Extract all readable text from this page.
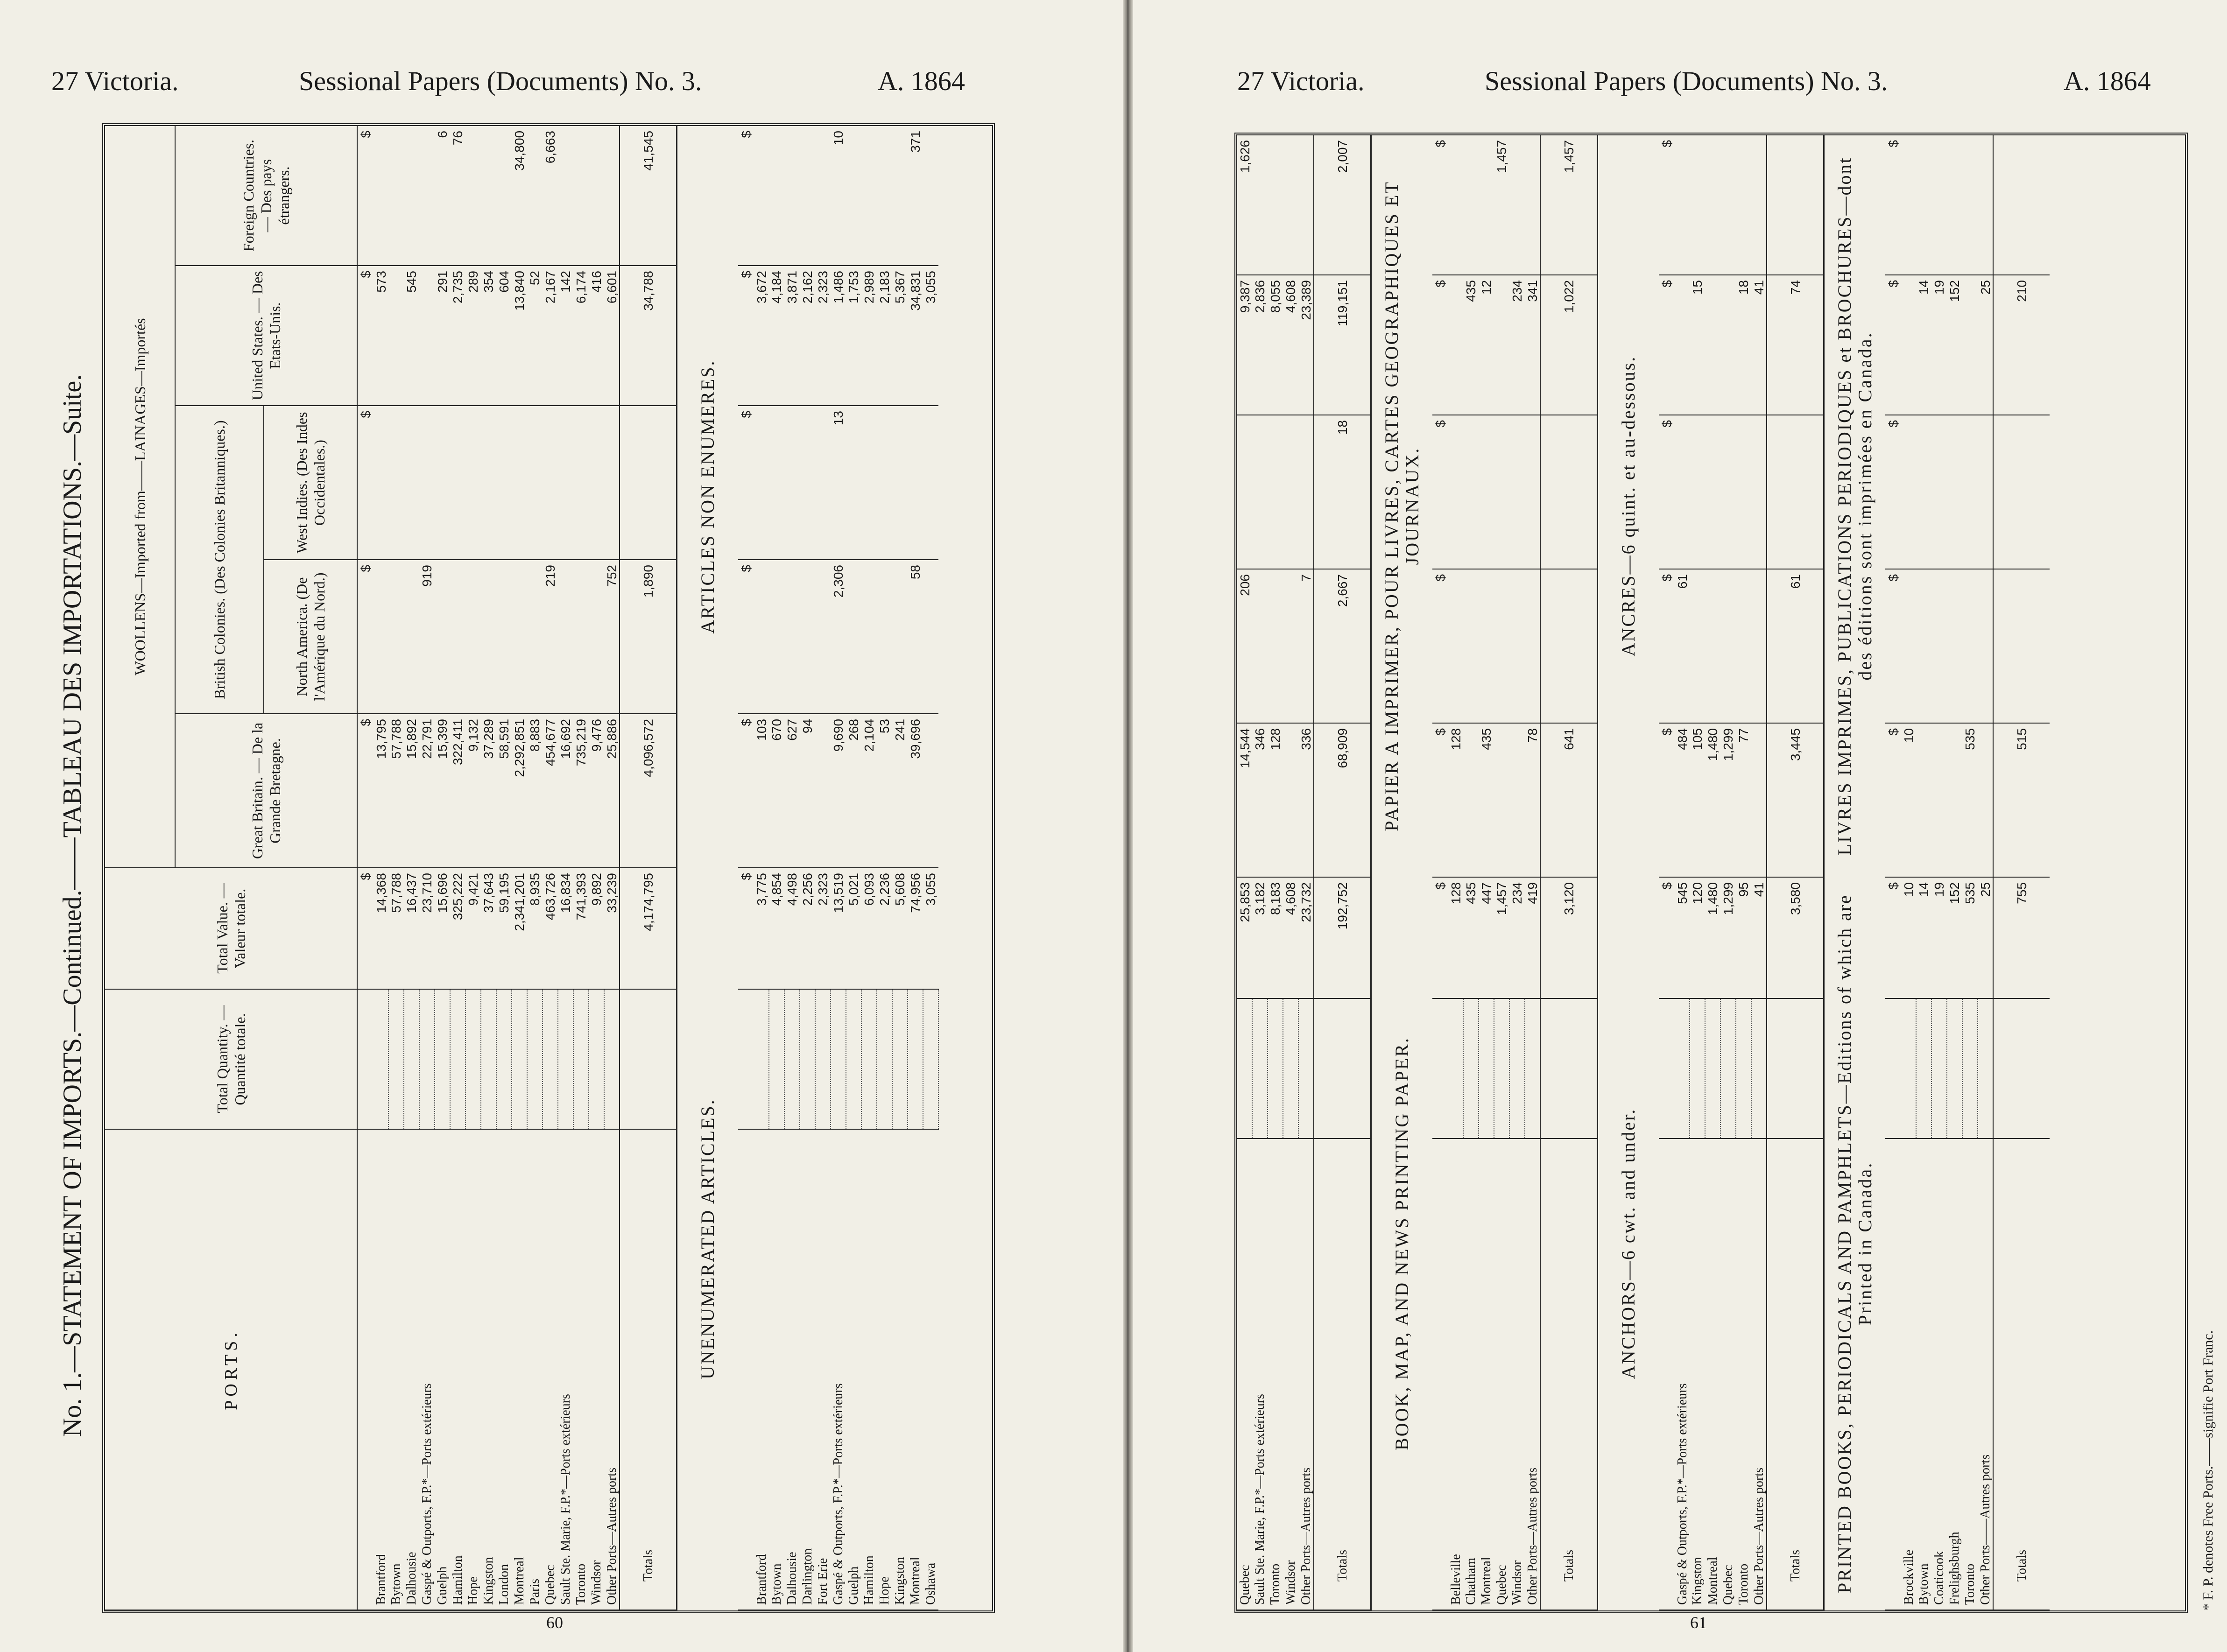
27 Victoria.	Sessional Papers (Documents) No. 3.	A. 1864
No. 1.—STATEMENT OF IMPORTS.—Continued.——TABLEAU DES IMPORTATIONS.—Suite.	PORTS.	Total Quantity. — Quantité totale.	Total Value. — Valeur totale.	WOOLLENS—Imported from——LAINAGES—Importés				
			Great Britain. — De la Grande Bretagne.	British Colonies. (Des Colonies Britanniques.)		United States. — Des Etats-Unis.	Foreign Countries. — Des pays étrangers.
				North America. (De l'Amérique du Nord.)	West Indies. (Des Indes Occidentales.)		
		$	$	$	$	$	$
Brantford		14,368	13,795			573	
Bytown		57,788	57,788				
Dalhousie		16,437	15,892			545	
Gaspé & Outports, F.P.*—Ports extérieurs		23,710	22,791	919			
Guelph		15,696	15,399			291	6
Hamilton		325,222	322,411			2,735	76
Hope		9,421	9,132			289	
Kingston		37,643	37,289			354	
London		59,195	58,591			604	
Montreal		2,341,201	2,292,851			13,840	34,800
Paris		8,935	8,883			52	
Quebec		463,726	454,677	219		2,167	6,663
Sault Ste. Marie, F.P.*—Ports extérieurs		16,834	16,692			142	
Toronto		741,393	735,219			6,174	
Windsor		9,892	9,476			416	
Other Ports—Autres ports		33,239	25,886	752		6,601	
Totals		4,174,795	4,096,572	1,890		34,788	41,545
UNENUMERATED ARTICLES.			ARTICLES NON ENUMERES.				
		$	$	$	$	$	$
Brantford		3,775	103			3,672	
Bytown		4,854	670			4,184	
Dalhousie		4,498	627			3,871	
Darlington		2,256	94			2,162	
Fort Erie		2,323				2,323	
Gaspé & Outports, F.P.*—Ports extérieurs		13,519	9,690	2,306	13	1,486	10
Guelph		5,021	268			1,753	
Hamilton		6,093	2,104			2,989	
Hope		2,236	53			2,183	
Kingston		5,608	241			5,367	
Montreal		74,956	39,696	58		34,831	371
Oshawa		3,055				3,055	
60
27 Victoria.	Sessional Papers (Documents) No. 3.	A. 1864
Quebec		25,853	14,544	206		9,387	1,626
Sault Ste. Marie, F.P.*—Ports extérieurs		3,182	346			2,836	
Toronto		8,183	128			8,055	
Windsor		4,608				4,608	
Other Ports—Autres ports		23,732	336	7		23,389	
Totals		192,752	68,909	2,667	18	119,151	2,007
BOOK, MAP, AND NEWS PRINTING PAPER.			PAPIER A IMPRIMER, POUR LIVRES, CARTES GEOGRAPHIQUES ET JOURNAUX.				
		$	$	$	$	$	$
Belleville		128	128				
Chatham		435				435	
Montreal		447	435			12	
Quebec		1,457					1,457
Windsor		234				234	
Other Ports—Autres ports		419	78			341	
Totals		3,120	641			1,022	1,457
ANCHORS—6 cwt. and under.			ANCRES—6 quint. et au-dessous.				
		$	$	$	$	$	$
Gaspé & Outports, F.P.*—Ports extérieurs		545	484	61			
Kingston		120	105			15	
Montreal		1,480	1,480				
Quebec		1,299	1,299				
Toronto		95	77			18	
Other Ports—Autres ports		41				41	
Totals		3,580	3,445	61		74	
PRINTED BOOKS, PERIODICALS AND PAMPHLETS—Editions of which are Printed in Canada.			LIVRES IMPRIMES, PUBLICATIONS PERIODIQUES et BROCHURES—dont des éditions sont imprimées en Canada.				
		$	$	$	$	$	$
Brockville		10	10				
Bytown		14				14	
Coaticook		19				19	
Frelighsburgh		152				152	
Toronto		535	535				
Other Ports——Autres ports		25				25	
Totals		755	515			210	
* F. P. denotes Free Ports.——signifie Port Franc.
61
